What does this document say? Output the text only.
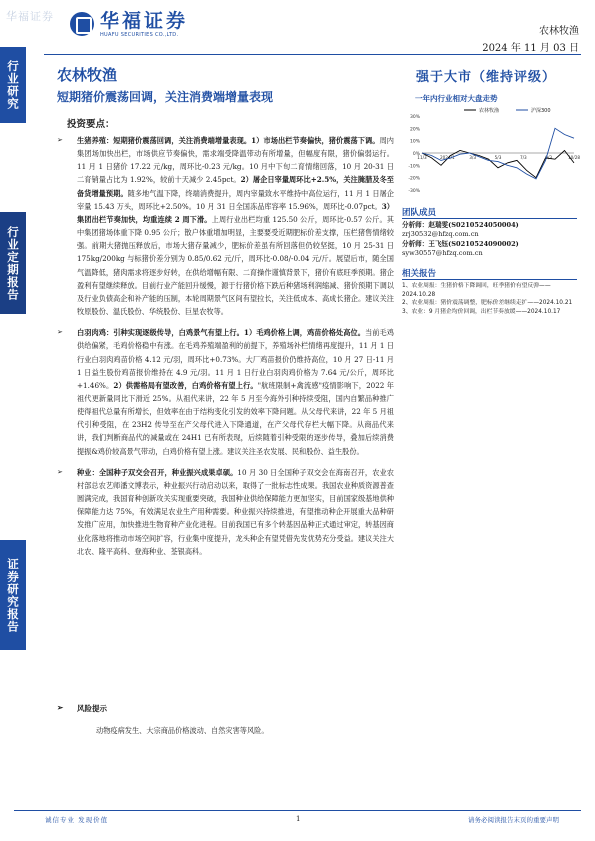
华福证券 华福证券
HUAFU SECURITIES CO.,LTD.	农林牧渔
2024 年 11 月 03 日
行业研究
行业定期报告
证券研究报告
农林牧渔
短期猪价震荡回调，关注消费端增量表现
投资要点：
➢ 生猪养殖：短期猪价震荡回调，关注消费端增量表现。1）市场出栏节奏偏快，猪价震荡下调。周内集团场加快出栏，市场供应节奏偏快，需求端受降温带动有所增量，但幅度有限，猪价偏弱运行。11 月 1 日猪价 17.22 元/kg，周环比-0.23 元/kg。10 月中下旬二育情绪回落，10 月 20-31 日二育销量占比为 1.92%，较前十天减少 2.45pct。2）屠企日宰量周环比+2.5%，关注腌腊及冬至备货增量预期。随多地气温下降，终端消费提升，周内宰量致水平维持中高位运行，11 月 1 日屠企宰量 15.43 万头，周环比+2.50%。10 月 31 日全国冻品库容率 15.96%，周环比-0.07pct。3）集团出栏节奏加快，均重连续 2 周下滑。上周行业出栏均重 125.50 公斤，周环比-0.57 公斤。其中集团猪场体重下降 0.95 公斤；散户体重增加明显，主要要受近期肥标价差支撑，压栏猪售情绪较强。前期大猪抛压释放后，市场大猪存量减少，肥标价差虽有所回落但仍较坚挺，10 月 25-31 日 175kg/200kg 与标猪价差分别为 0.85/0.62 元/斤，周环比-0.08/-0.04 元/斤。展望后市，随全国气温降低，猪肉需求将逐步好转，在供给增幅有限、二育操作谨慎背景下，猪价有底旺季预期。猪企盈利有望继续释放。目前行业产能回升缓慢，源于行猪价格下跌后种猪场利润缩减、猪价预期下调以及行业负债高企和补产能的压制，本轮周期景气区间有望拉长，关注低成本、高成长猪企。建议关注牧原股份、温氏股份、华统股份、巨星农牧等。
➢ 白羽肉鸡：引种实现逐级传导，白鸡景气有望上行。1）毛鸡价格上调，鸡苗价格处高位。当前毛鸡供给偏紧，毛鸡价格稳中有涨。在毛鸡养殖端盈利的前提下，养殖场补栏情绪再度提升，11 月 1 日行业白羽肉鸡苗价格 4.12 元/羽，周环比+0.73%。大厂鸡苗报价仍维持高位，10 月 27 日-11 月 1 日益生股份鸡苗报价维持在 4.9 元/羽。11 月 1 日行业白羽肉鸡价格为 7.64 元/公斤，周环比+1.46%。2）供需格局有望改善，白鸡价格有望上行。"航班限制+禽流感"疫情影响下，2022 年祖代更新量同比下滑近 25%。从祖代来讲，22 年 5 月至今海外引种持续受阻，国内自繁品种推广使得祖代总量有所增长，但效率在由于结构变化引发的效率下降问题。从父母代来讲，22 年 5 月祖代引种受阻，在 23H2 传导至在产父母代进入下降通道，在产父母代存栏大幅下降。从商品代来讲，我们判断商品代的减量或在 24H1 已有所表现，后续随着引种受限的逐步传导，叠加后续消费提振&鸡价较高景气带动，白鸡价格有望上涨。建议关注圣农发展、民和股份、益生股份。
➢ 种业：全国种子双交会召开，种业振兴成果卓硕。10 月 30 日全国种子双交会在海南召开，农业农村部总农艺师潘文博表示，种业振兴行动启动以来，取得了一批标志性成果。我国农业种质资源普查圆满完成，我国育种创新攻关实现重要突破，我国种业供给保障能力更加坚实，目前国家级基地供种保障能力达 75%，有效满足农业生产用种需要。种业振兴持续推进，有望推动种企开展重大品种研发推广应用，加快推进生物育种产业化进程。目前我国已有多个转基因品种正式通过审定，转基因商业化落地将推动市场空间扩容，行业集中度提升，龙头种企有望凭借先发优势充分受益。建议关注大北农、隆平高科、登海种业、荃银高科。
➢ 风险提示
动物疫病发生、大宗商品价格波动、自然灾害等风险。
强于大市（维持评级）
一年内行业相对大盘走势
30%
20%
10%
0%
-10%
-20%
-30%
11/3	2024/1	3/3	5/3	7/3	9/3	10/28
农林牧渔	沪深300
团队成员
分析师：赵瑞雯(S0210524050004)
zrj30532@hfzq.com.cn
分析师：王飞钰(S0210524090002)
syw30557@hfzq.com.cn
相关报告
1、农业周报：生猪价格下降调回，旺季猪价有望反弹——2024.10.28
2、农业周报：猪价震荡调整，肥标价差继续走扩——2024.10.21
3、农业：9 月猪企均价回调，出栏节奏放缓——2024.10.17
诚信专业 发现价值	1	请务必阅读报告末页的重要声明
